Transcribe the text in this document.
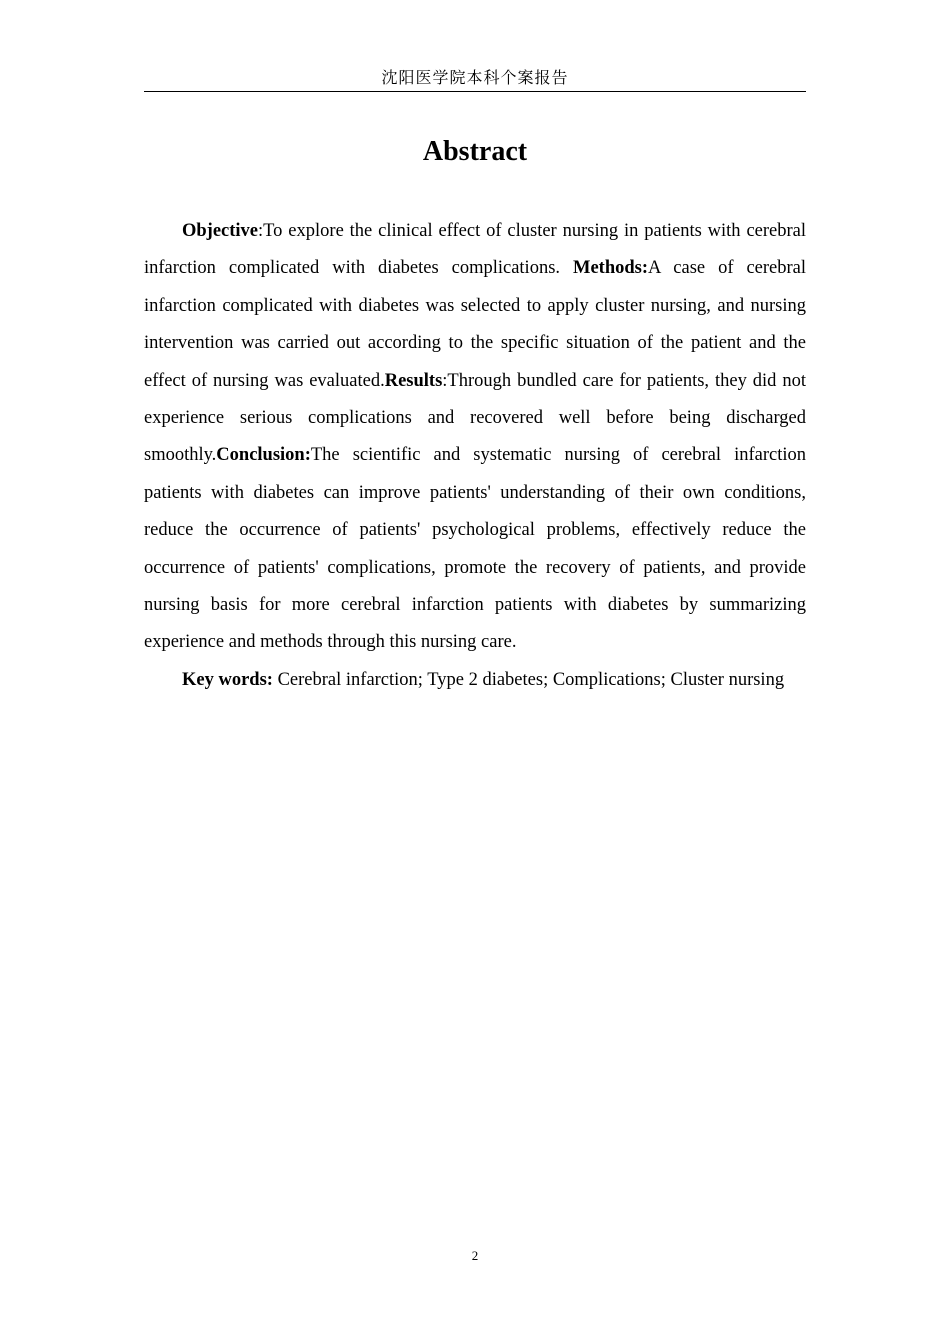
沈阳医学院本科个案报告
Abstract

Objective:To explore the clinical effect of cluster nursing in patients with cerebral infarction complicated with diabetes complications. Methods:A case of cerebral infarction complicated with diabetes was selected to apply cluster nursing, and nursing intervention was carried out according to the specific situation of the patient and the effect of nursing was evaluated.Results:Through bundled care for patients, they did not experience serious complications and recovered well before being discharged smoothly.Conclusion:The scientific and systematic nursing of cerebral infarction patients with diabetes can improve patients' understanding of their own conditions, reduce the occurrence of patients' psychological problems, effectively reduce the occurrence of patients' complications, promote the recovery of patients, and provide nursing basis for more cerebral infarction patients with diabetes by summarizing experience and methods through this nursing care.

Key words: Cerebral infarction; Type 2 diabetes; Complications; Cluster nursing

2
